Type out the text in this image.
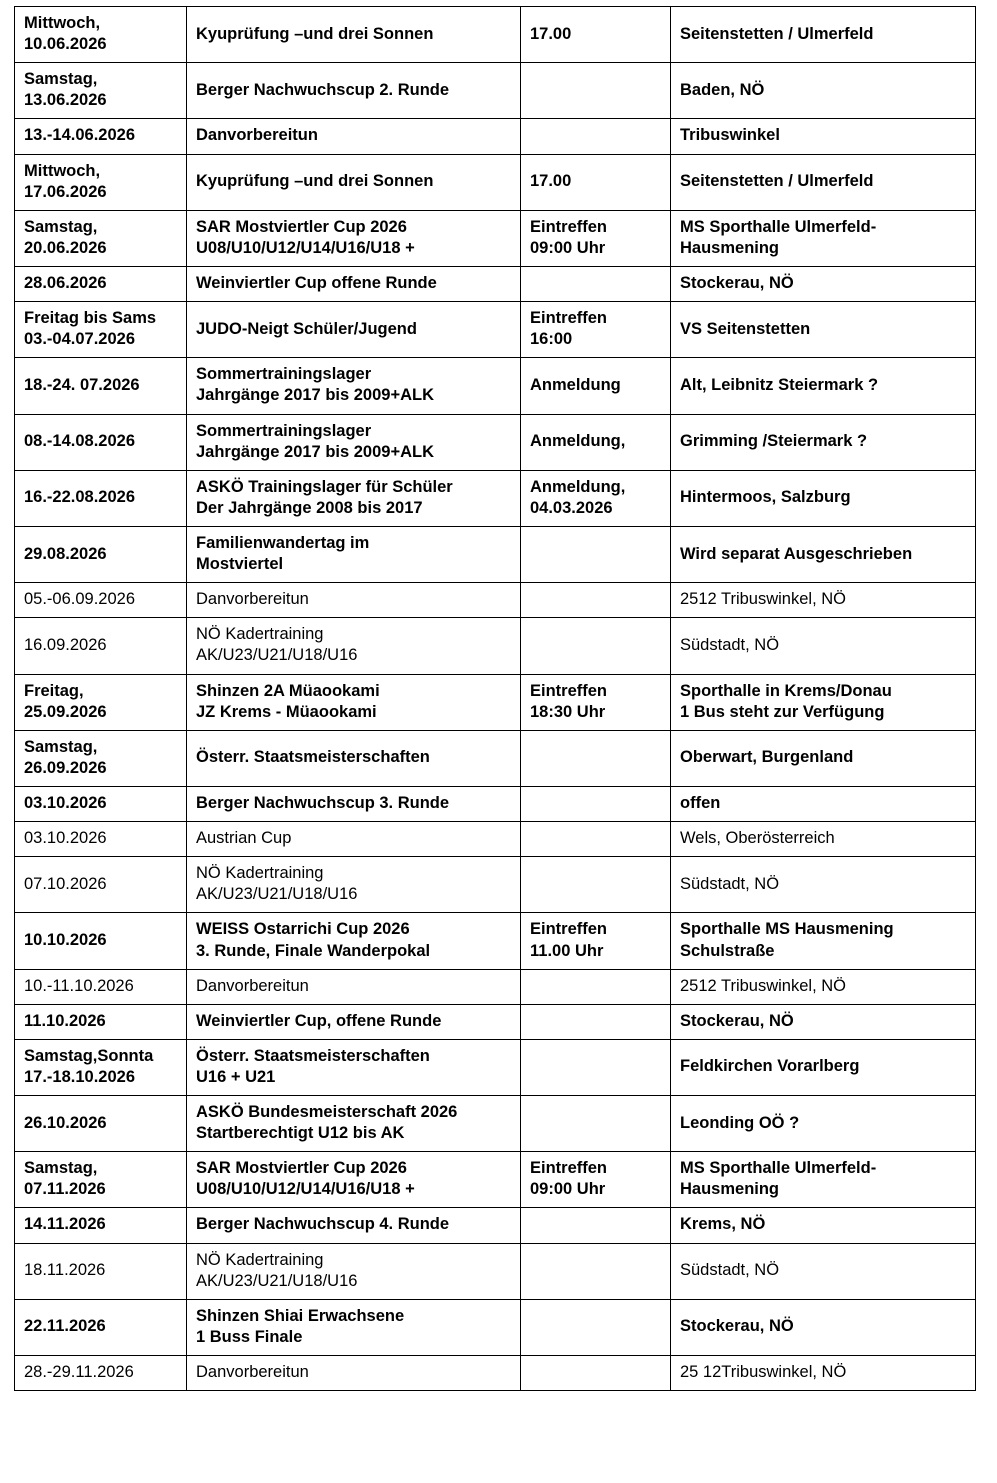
Mittwoch,
10.06.2026	Kyuprüfung –und drei Sonnen	17.00	Seitenstetten / Ulmerfeld

Samstag,
13.06.2026	Berger Nachwuchscup 2. Runde		Baden, NÖ

13.-14.06.2026	Danvorbereitun		Tribuswinkel

Mittwoch,
17.06.2026	Kyuprüfung –und drei Sonnen	17.00	Seitenstetten / Ulmerfeld

Samstag,
20.06.2026	SAR Mostviertler Cup 2026
U08/U10/U12/U14/U16/U18 +	Eintreffen
09:00 Uhr	MS Sporthalle Ulmerfeld-
Hausmening

28.06.2026	Weinviertler Cup offene Runde		Stockerau, NÖ

Freitag bis Sams
03.-04.07.2026	JUDO-Neigt Schüler/Jugend	Eintreffen
16:00	VS Seitenstetten

18.-24. 07.2026	Sommertrainingslager
Jahrgänge 2017 bis 2009+ALK	Anmeldung	Alt, Leibnitz Steiermark ?

08.-14.08.2026	Sommertrainingslager
Jahrgänge 2017 bis 2009+ALK	Anmeldung,	Grimming /Steiermark ?

16.-22.08.2026	ASKÖ Trainingslager für Schüler
Der Jahrgänge 2008 bis 2017	Anmeldung,
04.03.2026	Hintermoos, Salzburg

29.08.2026	Familienwandertag im
Mostviertel		Wird separat Ausgeschrieben

05.-06.09.2026	Danvorbereitun		2512 Tribuswinkel, NÖ

16.09.2026	NÖ Kadertraining
AK/U23/U21/U18/U16		Südstadt, NÖ

Freitag,
25.09.2026	Shinzen 2A Müaookami
JZ Krems - Müaookami	Eintreffen
18:30 Uhr	Sporthalle in Krems/Donau
1 Bus steht zur Verfügung

Samstag,
26.09.2026	Österr. Staatsmeisterschaften		Oberwart, Burgenland

03.10.2026	Berger Nachwuchscup 3. Runde		offen

03.10.2026	Austrian Cup		Wels, Oberösterreich

07.10.2026	NÖ Kadertraining
AK/U23/U21/U18/U16		Südstadt, NÖ

10.10.2026	WEISS Ostarrichi Cup 2026
3. Runde, Finale Wanderpokal	Eintreffen
11.00 Uhr	Sporthalle MS Hausmening
Schulstraße

10.-11.10.2026	Danvorbereitun		2512 Tribuswinkel, NÖ

11.10.2026	Weinviertler Cup, offene Runde		Stockerau, NÖ

Samstag,Sonnta
17.-18.10.2026	Österr. Staatsmeisterschaften
U16 + U21		Feldkirchen Vorarlberg

26.10.2026	ASKÖ Bundesmeisterschaft 2026
Startberechtigt U12 bis AK		Leonding OÖ ?

Samstag,
07.11.2026	SAR Mostviertler Cup 2026
U08/U10/U12/U14/U16/U18 +	Eintreffen
09:00 Uhr	MS Sporthalle Ulmerfeld-
Hausmening

14.11.2026	Berger Nachwuchscup 4. Runde		Krems, NÖ

18.11.2026	NÖ Kadertraining
AK/U23/U21/U18/U16		Südstadt, NÖ

22.11.2026	Shinzen Shiai Erwachsene
1 Buss Finale		Stockerau, NÖ

28.-29.11.2026	Danvorbereitun		25 12Tribuswinkel, NÖ
